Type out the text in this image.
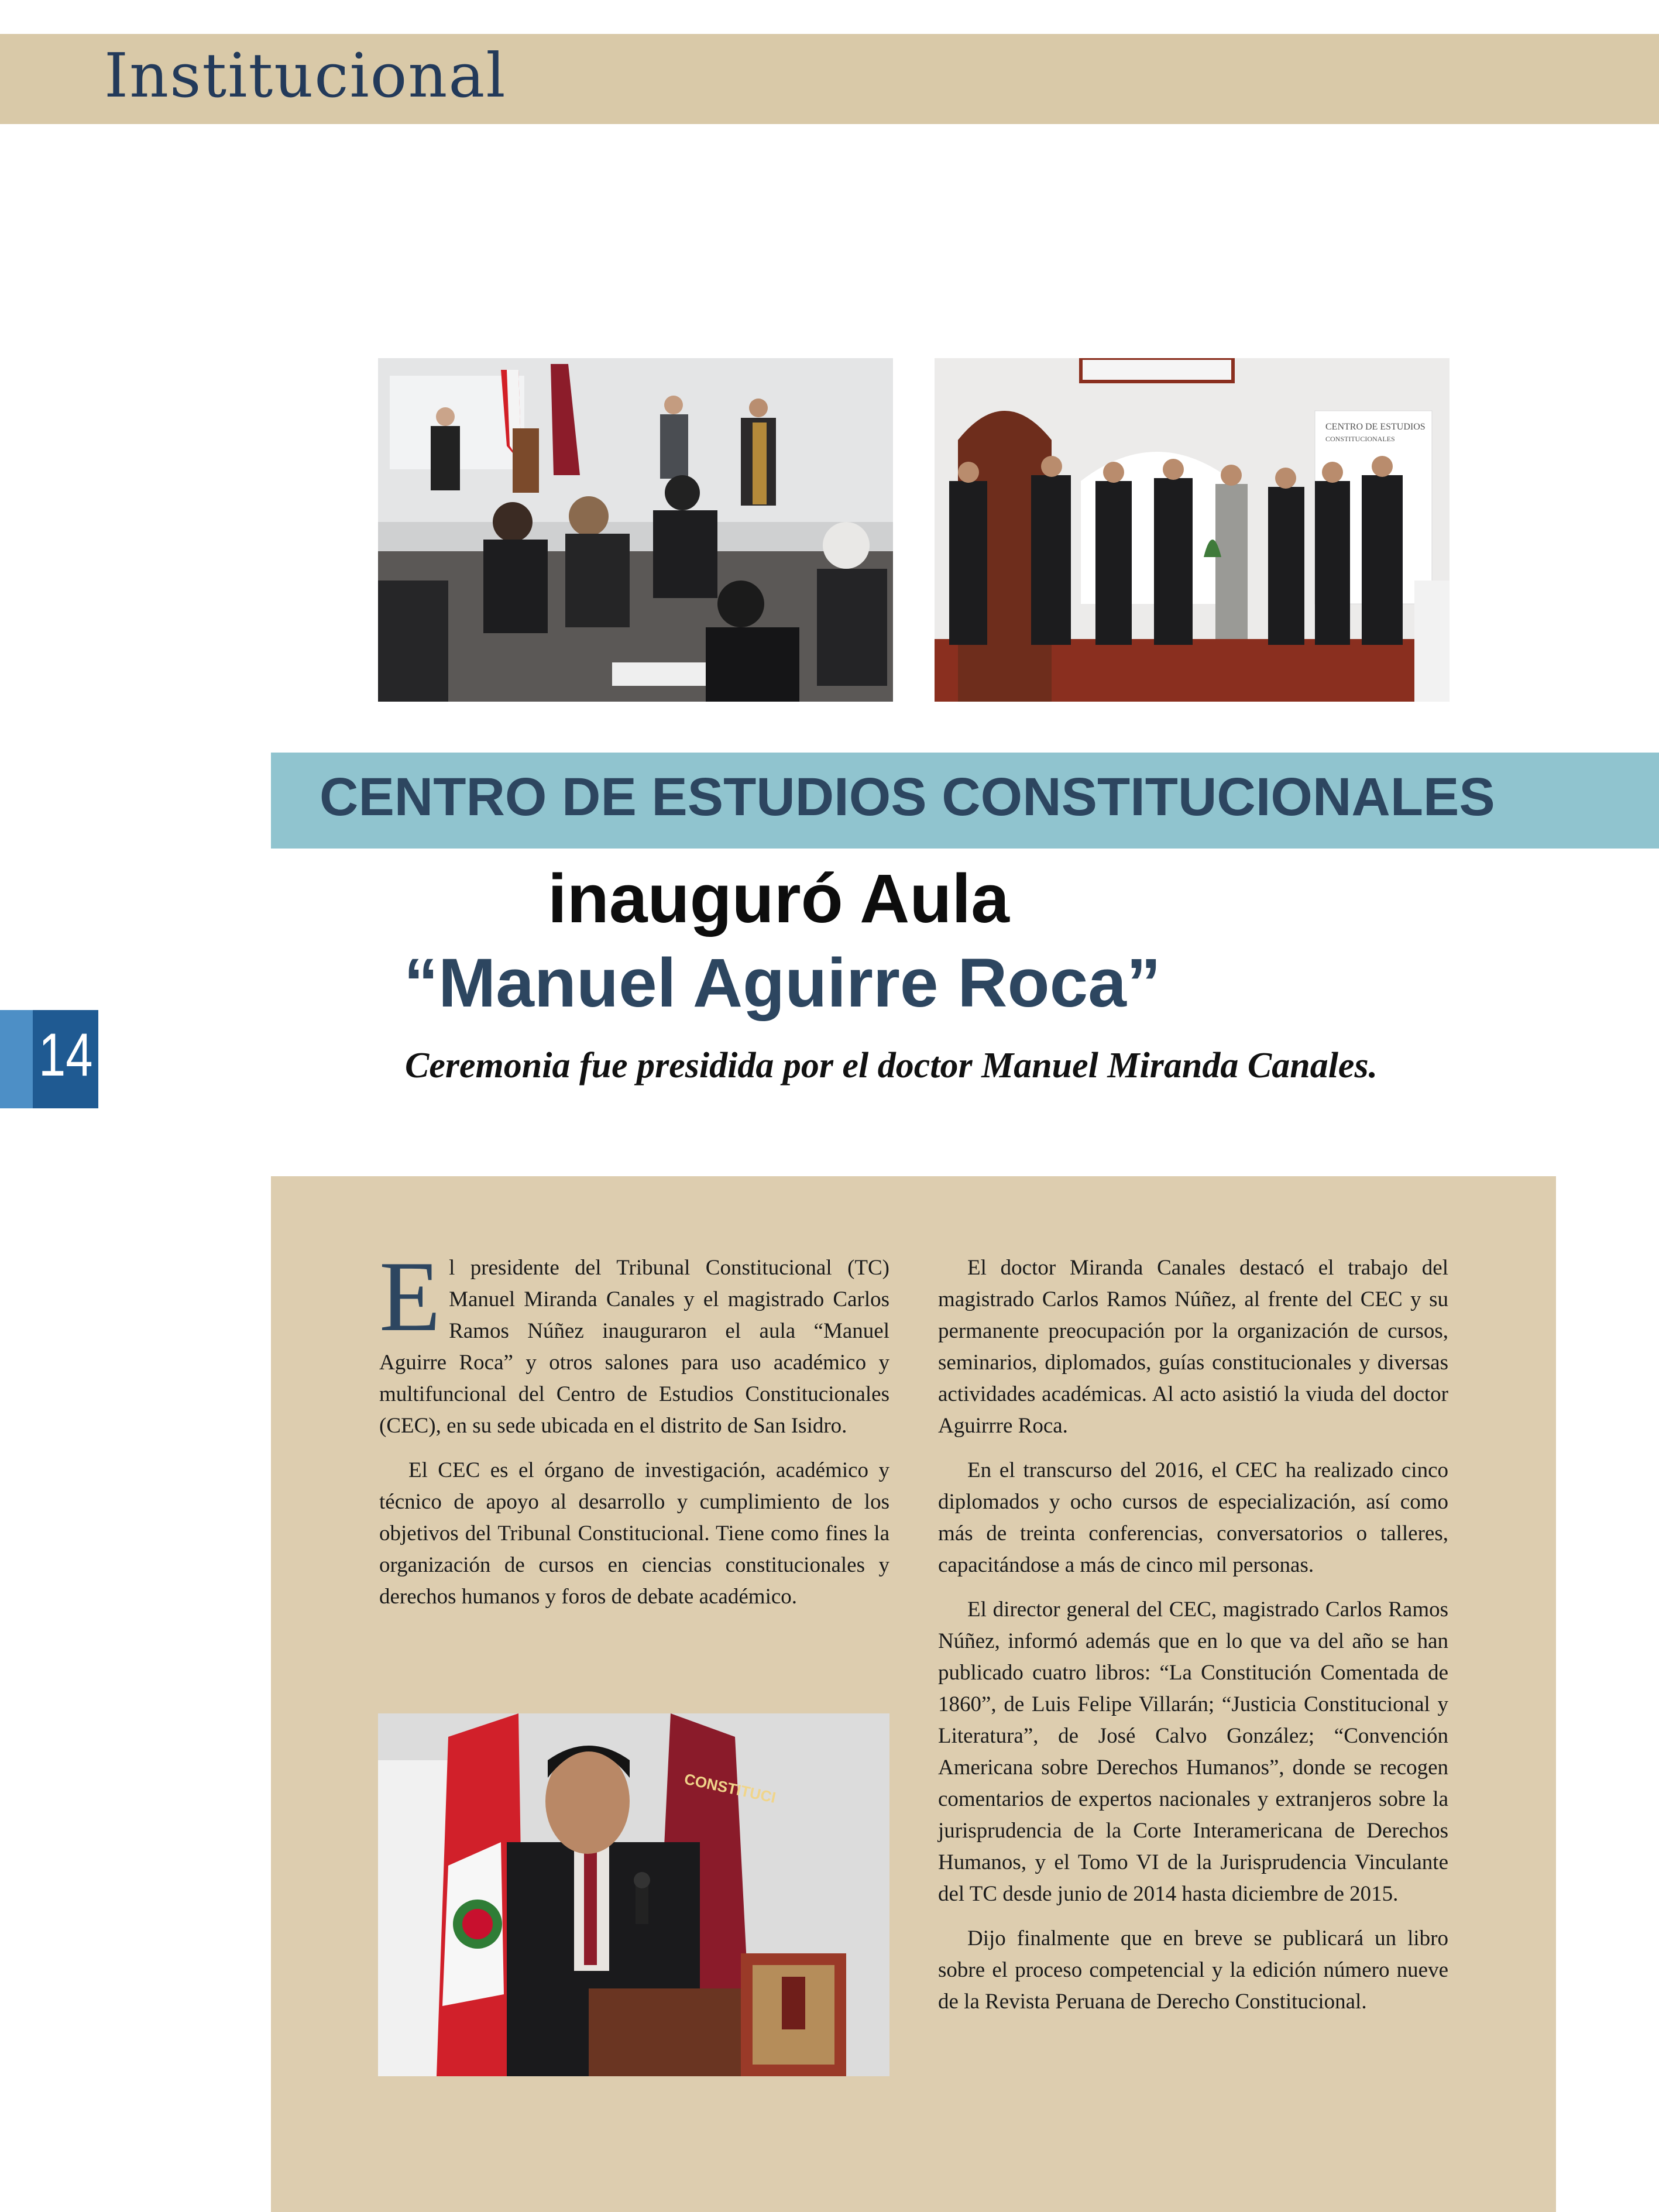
Institucional
CENTRO DE ESTUDIOS
CONSTITUCIONALES
CENTRO DE ESTUDIOS CONSTITUCIONALES
inauguró Aula
“Manuel Aguirre Roca”
Ceremonia fue presidida por el doctor Manuel Miranda Canales.
14

El presidente del Tribunal Constitucional (TC) Manuel Miranda Canales y el magistrado Carlos Ramos Núñez inauguraron el aula “Manuel Aguirre Roca” y otros salones para uso académico y multifuncional del Centro de Estudios Constitucionales (CEC), en su sede ubicada en el distrito de San Isidro.

El CEC es el órgano de investigación, académico y técnico de apoyo al desarrollo y cumplimiento de los objetivos del Tribunal Constitucional. Tiene como fines la organización de cursos en ciencias constitucionales y derechos humanos y foros de debate académico.

CONSTITUCI

El doctor Miranda Canales destacó el trabajo del magistrado Carlos Ramos Núñez, al frente del CEC y su permanente preocupación por la organización de cursos, seminarios, diplomados, guías constitucionales y diversas actividades académicas. Al acto asistió la viuda del doctor Aguirrre Roca.

En el transcurso del 2016, el CEC ha realizado cinco diplomados y ocho cursos de especialización, así como más de treinta conferencias, conversatorios o talleres, capacitándose a más de cinco mil personas.

El director general del CEC, magistrado Carlos Ramos Núñez, informó además que en lo que va del año se han publicado cuatro libros: “La Constitución Comentada de 1860”, de Luis Felipe Villarán; “Justicia Constitucional y Literatura”, de José Calvo González; “Convención Americana sobre Derechos Humanos”, donde se recogen comentarios de expertos nacionales y extranjeros sobre la jurisprudencia de la Corte Interamericana de Derechos Humanos, y el Tomo VI de la Jurisprudencia Vinculante del TC desde junio de 2014 hasta diciembre de 2015.

Dijo finalmente que en breve se publicará un libro sobre el proceso competencial y la edición número nueve de la Revista Peruana de Derecho Constitucional.
